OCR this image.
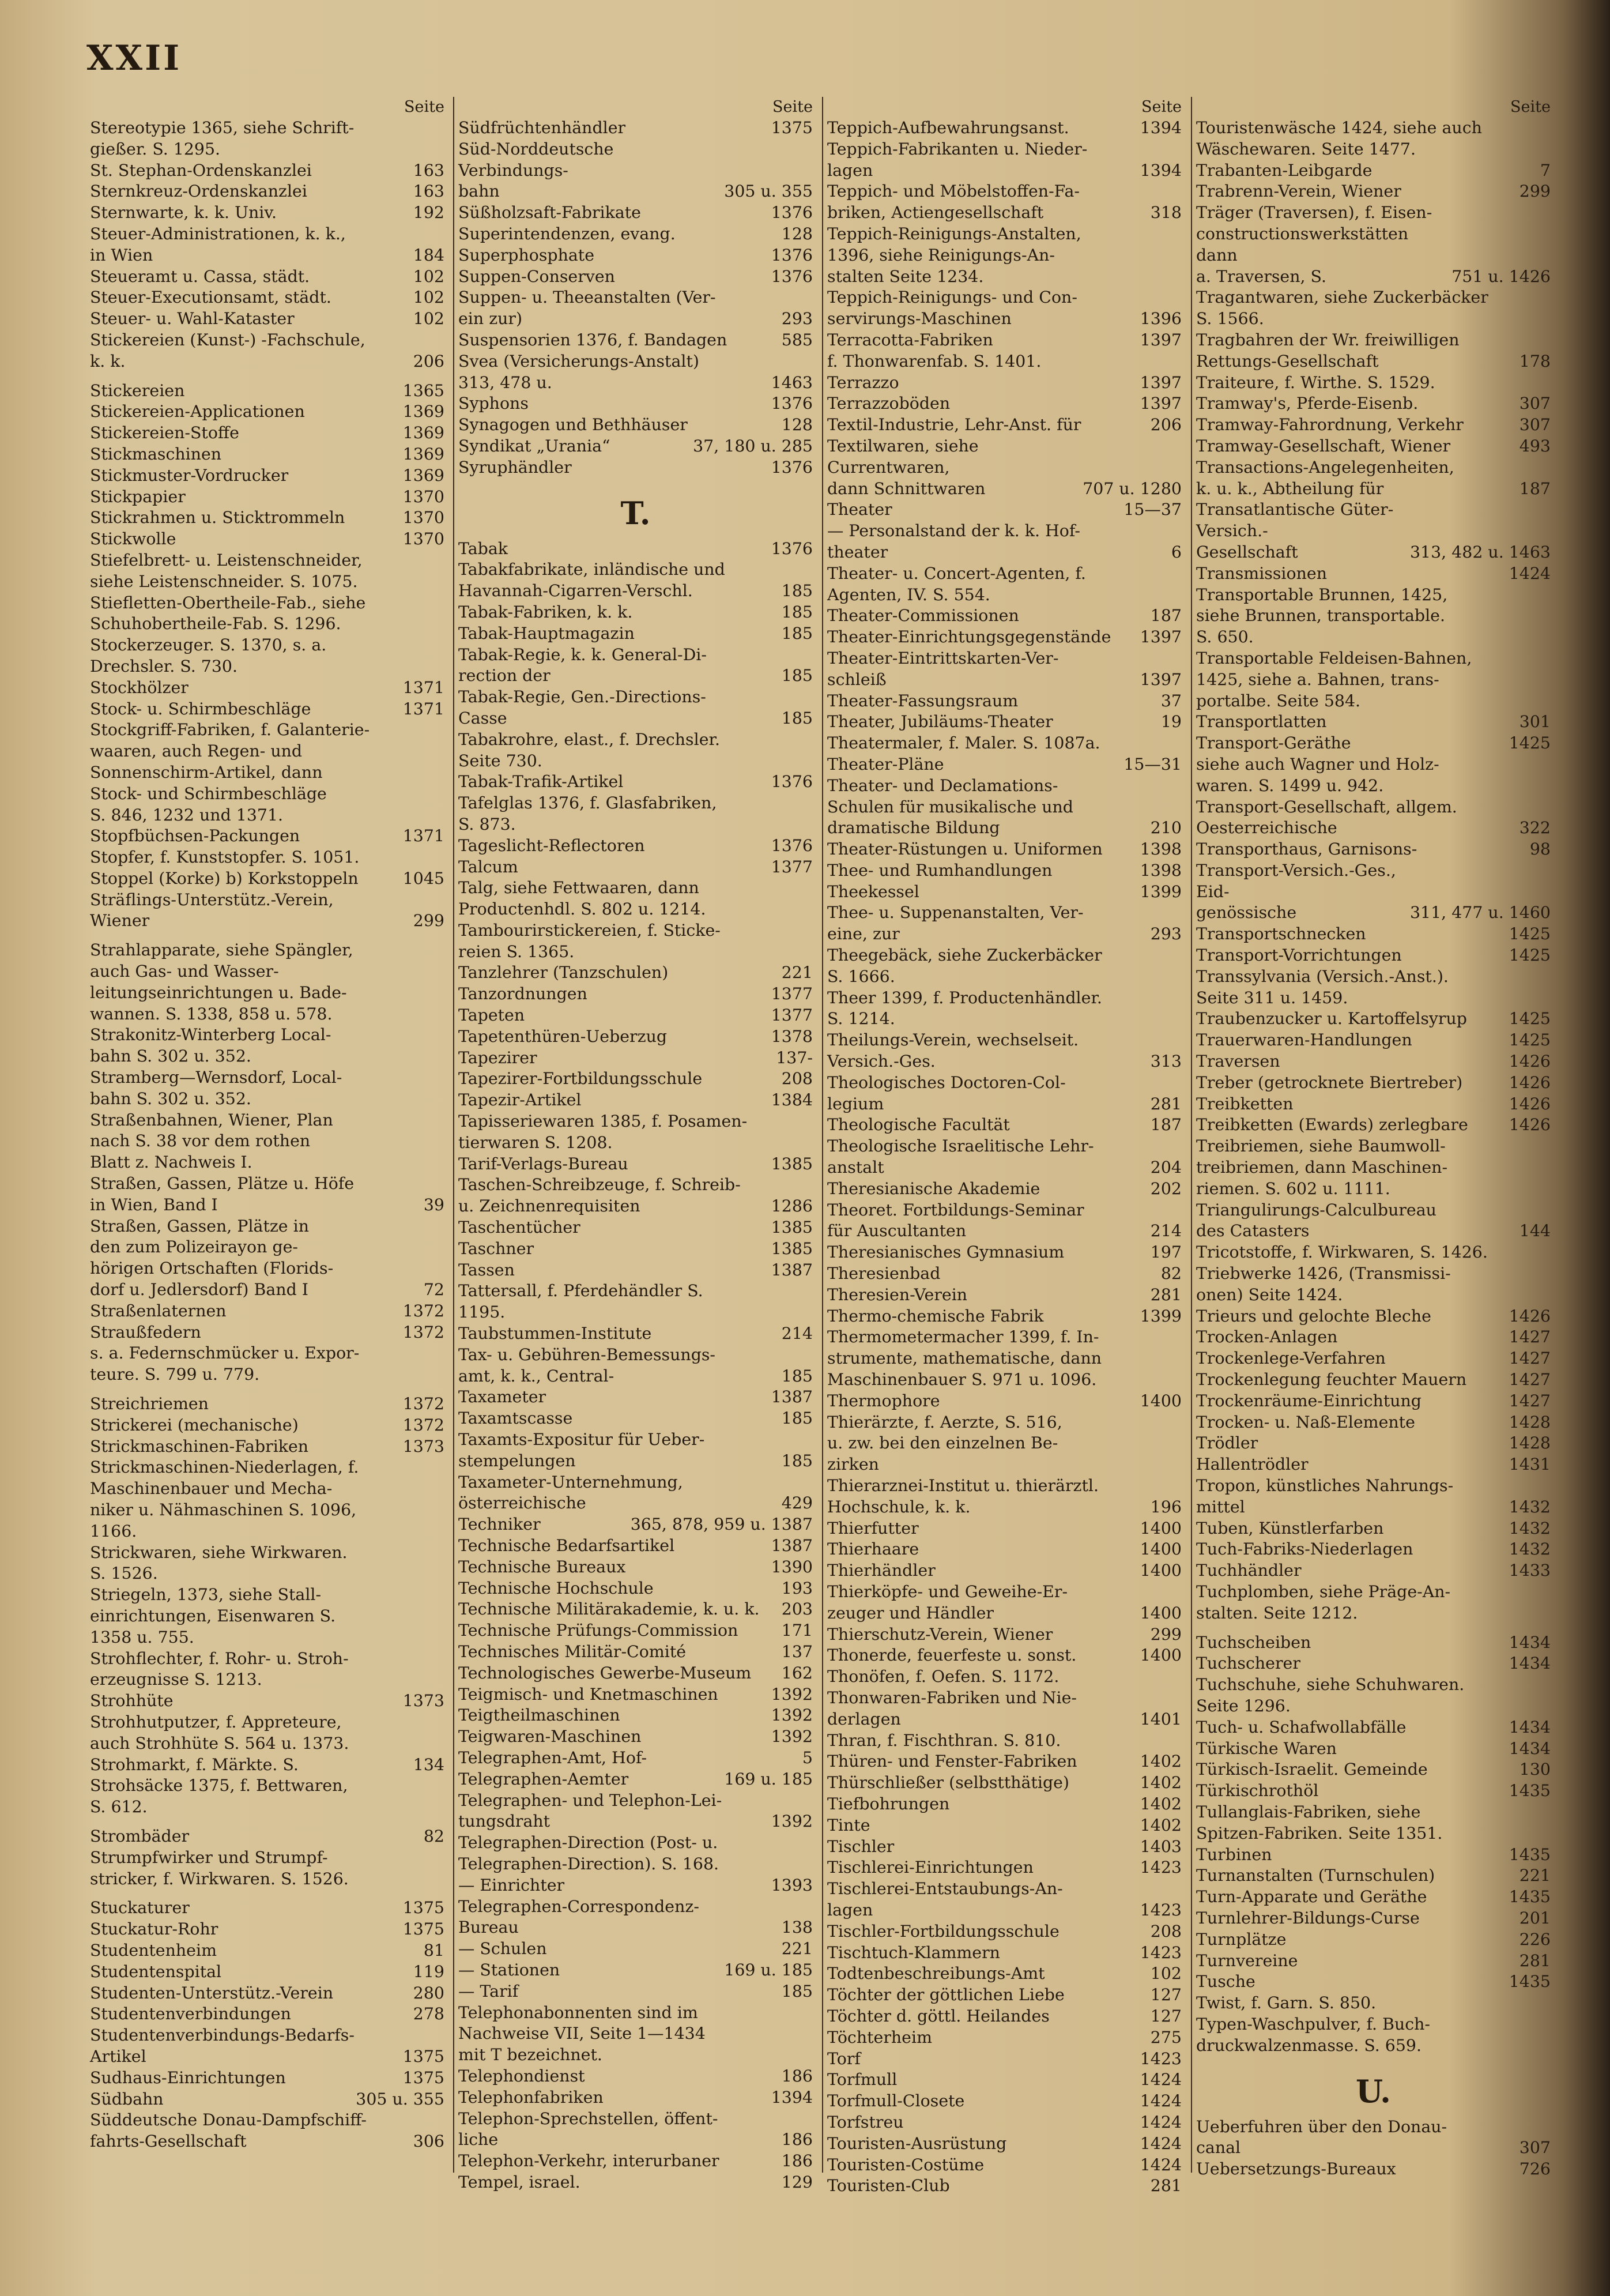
XXII
Seite
Stereotypie 1365, siehe Schrift-
gießer. S. 1295.
St. Stephan-Ordenskanzlei	163
Sternkreuz-Ordenskanzlei	163
Sternwarte, k. k. Univ.	192
Steuer-Administrationen, k. k.,
in Wien	184
Steueramt u. Cassa, städt.	102
Steuer-Executionsamt, städt.	102
Steuer- u. Wahl-Kataster	102
Stickereien (Kunst-) -Fachschule,
k. k.	206
Stickereien	1365
Stickereien-Applicationen	1369
Stickereien-Stoffe	1369
Stickmaschinen	1369
Stickmuster-Vordrucker	1369
Stickpapier	1370
Stickrahmen u. Sticktrommeln	1370
Stickwolle	1370
Stiefelbrett- u. Leistenschneider,
siehe Leistenschneider. S. 1075.
Stiefletten-Obertheile-Fab., siehe
Schuhobertheile-Fab. S. 1296.
Stockerzeuger. S. 1370, s. a.
Drechsler. S. 730.
Stockhölzer	1371
Stock- u. Schirmbeschläge	1371
Stockgriff-Fabriken, f. Galanterie-
waaren, auch Regen- und
Sonnenschirm-Artikel, dann
Stock- und Schirmbeschläge
S. 846, 1232 und 1371.
Stopfbüchsen-Packungen	1371
Stopfer, f. Kunststopfer. S. 1051.
Stoppel (Korke) b) Korkstoppeln	1045
Sträflings-Unterstütz.-Verein,
Wiener	299
Strahlapparate, siehe Spängler,
auch Gas- und Wasser-
leitungseinrichtungen u. Bade-
wannen. S. 1338, 858 u. 578.
Strakonitz-Winterberg Local-
bahn S. 302 u. 352.
Stramberg—Wernsdorf, Local-
bahn S. 302 u. 352.
Straßenbahnen, Wiener, Plan
nach S. 38 vor dem rothen
Blatt z. Nachweis I.
Straßen, Gassen, Plätze u. Höfe
in Wien, Band I	39
Straßen, Gassen, Plätze in
den zum Polizeirayon ge-
hörigen Ortschaften (Florids-
dorf u. Jedlersdorf) Band I	72
Straßenlaternen	1372
Straußfedern	1372
s. a. Federnschmücker u. Expor-
teure. S. 799 u. 779.
Streichriemen	1372
Strickerei (mechanische)	1372
Strickmaschinen-Fabriken	1373
Strickmaschinen-Niederlagen, f.
Maschinenbauer und Mecha-
niker u. Nähmaschinen S. 1096,
1166.
Strickwaren, siehe Wirkwaren.
S. 1526.
Striegeln, 1373, siehe Stall-
einrichtungen, Eisenwaren S.
1358 u. 755.
Strohflechter, f. Rohr- u. Stroh-
erzeugnisse S. 1213.
Strohhüte	1373
Strohhutputzer, f. Appreteure,
auch Strohhüte S. 564 u. 1373.
Strohmarkt, f. Märkte. S.	134
Strohsäcke 1375, f. Bettwaren,
S. 612.
Strombäder	82
Strumpfwirker und Strumpf-
stricker, f. Wirkwaren. S. 1526.
Stuckaturer	1375
Stuckatur-Rohr	1375
Studentenheim	81
Studentenspital	119
Studenten-Unterstütz.-Verein	280
Studentenverbindungen	278
Studentenverbindungs-Bedarfs-
Artikel	1375
Sudhaus-Einrichtungen	1375
Südbahn	305 u. 355
Süddeutsche Donau-Dampfschiff-
fahrts-Gesellschaft	306
Seite
Südfrüchtenhändler	1375
Süd-Norddeutsche Verbindungs-
bahn	305 u. 355
Süßholzsaft-Fabrikate	1376
Superintendenzen, evang.	128
Superphosphate	1376
Suppen-Conserven	1376
Suppen- u. Theeanstalten (Ver-
ein zur)	293
Suspensorien 1376, f. Bandagen	585
Svea (Versicherungs-Anstalt)
313, 478 u.	1463
Syphons	1376
Synagogen und Bethhäuser	128
Syndikat „Urania“	37, 180 u. 285
Syruphändler	1376
T.
Tabak	1376
Tabakfabrikate, inländische und
Havannah-Cigarren-Verschl.	185
Tabak-Fabriken, k. k.	185
Tabak-Hauptmagazin	185
Tabak-Regie, k. k. General-Di-
rection der	185
Tabak-Regie, Gen.-Directions-
Casse	185
Tabakrohre, elast., f. Drechsler.
Seite 730.
Tabak-Trafik-Artikel	1376
Tafelglas 1376, f. Glasfabriken,
S. 873.
Tageslicht-Reflectoren	1376
Talcum	1377
Talg, siehe Fettwaaren, dann
Productenhdl. S. 802 u. 1214.
Tambourirstickereien, f. Sticke-
reien S. 1365.
Tanzlehrer (Tanzschulen)	221
Tanzordnungen	1377
Tapeten	1377
Tapetenthüren-Ueberzug	1378
Tapezirer	137-
Tapezirer-Fortbildungsschule	208
Tapezir-Artikel	1384
Tapisseriewaren 1385, f. Posamen-
tierwaren S. 1208.
Tarif-Verlags-Bureau	1385
Taschen-Schreibzeuge, f. Schreib-
u. Zeichnenrequisiten	1286
Taschentücher	1385
Taschner	1385
Tassen	1387
Tattersall, f. Pferdehändler S.
1195.
Taubstummen-Institute	214
Tax- u. Gebühren-Bemessungs-
amt, k. k., Central-	185
Taxameter	1387
Taxamtscasse	185
Taxamts-Expositur für Ueber-
stempelungen	185
Taxameter-Unternehmung,
österreichische	429
Techniker	365, 878, 959 u. 1387
Technische Bedarfsartikel	1387
Technische Bureaux	1390
Technische Hochschule	193
Technische Militärakademie, k. u. k.	203
Technische Prüfungs-Commission	171
Technisches Militär-Comité	137
Technologisches Gewerbe-Museum	162
Teigmisch- und Knetmaschinen	1392
Teigtheilmaschinen	1392
Teigwaren-Maschinen	1392
Telegraphen-Amt, Hof-	5
Telegraphen-Aemter	169 u. 185
Telegraphen- und Telephon-Lei-
tungsdraht	1392
Telegraphen-Direction (Post- u.
Telegraphen-Direction). S. 168.
— Einrichter	1393
Telegraphen-Correspondenz-
Bureau	138
— Schulen	221
— Stationen	169 u. 185
— Tarif	185
Telephonabonnenten sind im
Nachweise VII, Seite 1—1434
mit T bezeichnet.
Telephondienst	186
Telephonfabriken	1394
Telephon-Sprechstellen, öffent-
liche	186
Telephon-Verkehr, interurbaner	186
Tempel, israel.	129
Seite
Teppich-Aufbewahrungsanst.	1394
Teppich-Fabrikanten u. Nieder-
lagen	1394
Teppich- und Möbelstoffen-Fa-
briken, Actiengesellschaft	318
Teppich-Reinigungs-Anstalten,
1396, siehe Reinigungs-An-
stalten Seite 1234.
Teppich-Reinigungs- und Con-
servirungs-Maschinen	1396
Terracotta-Fabriken	1397
f. Thonwarenfab. S. 1401.
Terrazzo	1397
Terrazzoböden	1397
Textil-Industrie, Lehr-Anst. für	206
Textilwaren, siehe Currentwaren,
dann Schnittwaren	707 u. 1280
Theater	15—37
— Personalstand der k. k. Hof-
theater	6
Theater- u. Concert-Agenten, f.
Agenten, IV. S. 554.
Theater-Commissionen	187
Theater-Einrichtungsgegenstände	1397
Theater-Eintrittskarten-Ver-
schleiß	1397
Theater-Fassungsraum	37
Theater, Jubiläums-Theater	19
Theatermaler, f. Maler. S. 1087a.
Theater-Pläne	15—31
Theater- und Declamations-
Schulen für musikalische und
dramatische Bildung	210
Theater-Rüstungen u. Uniformen	1398
Thee- und Rumhandlungen	1398
Theekessel	1399
Thee- u. Suppenanstalten, Ver-
eine, zur	293
Theegebäck, siehe Zuckerbäcker
S. 1666.
Theer 1399, f. Productenhändler.
S. 1214.
Theilungs-Verein, wechselseit.
Versich.-Ges.	313
Theologisches Doctoren-Col-
legium	281
Theologische Facultät	187
Theologische Israelitische Lehr-
anstalt	204
Theresianische Akademie	202
Theoret. Fortbildungs-Seminar
für Auscultanten	214
Theresianisches Gymnasium	197
Theresienbad	82
Theresien-Verein	281
Thermo-chemische Fabrik	1399
Thermometermacher 1399, f. In-
strumente, mathematische, dann
Maschinenbauer S. 971 u. 1096.
Thermophore	1400
Thierärzte, f. Aerzte, S. 516,
u. zw. bei den einzelnen Be-
zirken
Thierarznei-Institut u. thierärztl.
Hochschule, k. k.	196
Thierfutter	1400
Thierhaare	1400
Thierhändler	1400
Thierköpfe- und Geweihe-Er-
zeuger und Händler	1400
Thierschutz-Verein, Wiener	299
Thonerde, feuerfeste u. sonst.	1400
Thonöfen, f. Oefen. S. 1172.
Thonwaren-Fabriken und Nie-
derlagen	1401
Thran, f. Fischthran. S. 810.
Thüren- und Fenster-Fabriken	1402
Thürschließer (selbstthätige)	1402
Tiefbohrungen	1402
Tinte	1402
Tischler	1403
Tischlerei-Einrichtungen	1423
Tischlerei-Entstaubungs-An-
lagen	1423
Tischler-Fortbildungsschule	208
Tischtuch-Klammern	1423
Todtenbeschreibungs-Amt	102
Töchter der göttlichen Liebe	127
Töchter d. göttl. Heilandes	127
Töchterheim	275
Torf	1423
Torfmull	1424
Torfmull-Closete	1424
Torfstreu	1424
Touristen-Ausrüstung	1424
Touristen-Costüme	1424
Touristen-Club	281
Seite
Touristenwäsche 1424, siehe auch
Wäschewaren. Seite 1477.
Trabanten-Leibgarde	7
Trabrenn-Verein, Wiener	299
Träger (Traversen), f. Eisen-
constructionswerkstätten dann
a. Traversen, S.	751 u. 1426
Tragantwaren, siehe Zuckerbäcker
S. 1566.
Tragbahren der Wr. freiwilligen
Rettungs-Gesellschaft	178
Traiteure, f. Wirthe. S. 1529.
Tramway's, Pferde-Eisenb.	307
Tramway-Fahrordnung, Verkehr	307
Tramway-Gesellschaft, Wiener	493
Transactions-Angelegenheiten,
k. u. k., Abtheilung für	187
Transatlantische Güter-Versich.-
Gesellschaft	313, 482 u. 1463
Transmissionen	1424
Transportable Brunnen, 1425,
siehe Brunnen, transportable.
S. 650.
Transportable Feldeisen-Bahnen,
1425, siehe a. Bahnen, trans-
portalbe. Seite 584.
Transportlatten	301
Transport-Geräthe	1425
siehe auch Wagner und Holz-
waren. S. 1499 u. 942.
Transport-Gesellschaft, allgem.
Oesterreichische	322
Transporthaus, Garnisons-	98
Transport-Versich.-Ges., Eid-
genössische	311, 477 u. 1460
Transportschnecken	1425
Transport-Vorrichtungen	1425
Transsylvania (Versich.-Anst.).
Seite 311 u. 1459.
Traubenzucker u. Kartoffelsyrup	1425
Trauerwaren-Handlungen	1425
Traversen	1426
Treber (getrocknete Biertreber)	1426
Treibketten	1426
Treibketten (Ewards) zerlegbare	1426
Treibriemen, siehe Baumwoll-
treibriemen, dann Maschinen-
riemen. S. 602 u. 1111.
Triangulirungs-Calculbureau
des Catasters	144
Tricotstoffe, f. Wirkwaren, S. 1426.
Triebwerke 1426, (Transmissi-
onen) Seite 1424.
Trieurs und gelochte Bleche	1426
Trocken-Anlagen	1427
Trockenlege-Verfahren	1427
Trockenlegung feuchter Mauern	1427
Trockenräume-Einrichtung	1427
Trocken- u. Naß-Elemente	1428
Trödler	1428
Hallentrödler	1431
Tropon, künstliches Nahrungs-
mittel	1432
Tuben, Künstlerfarben	1432
Tuch-Fabriks-Niederlagen	1432
Tuchhändler	1433
Tuchplomben, siehe Präge-An-
stalten. Seite 1212.
Tuchscheiben	1434
Tuchscherer	1434
Tuchschuhe, siehe Schuhwaren.
Seite 1296.
Tuch- u. Schafwollabfälle	1434
Türkische Waren	1434
Türkisch-Israelit. Gemeinde	130
Türkischrothöl	1435
Tullanglais-Fabriken, siehe
Spitzen-Fabriken. Seite 1351.
Turbinen	1435
Turnanstalten (Turnschulen)	221
Turn-Apparate und Geräthe	1435
Turnlehrer-Bildungs-Curse	201
Turnplätze	226
Turnvereine	281
Tusche	1435
Twist, f. Garn. S. 850.
Typen-Waschpulver, f. Buch-
druckwalzenmasse. S. 659.
U.
Ueberfuhren über den Donau-
canal	307
Uebersetzungs-Bureaux	726
